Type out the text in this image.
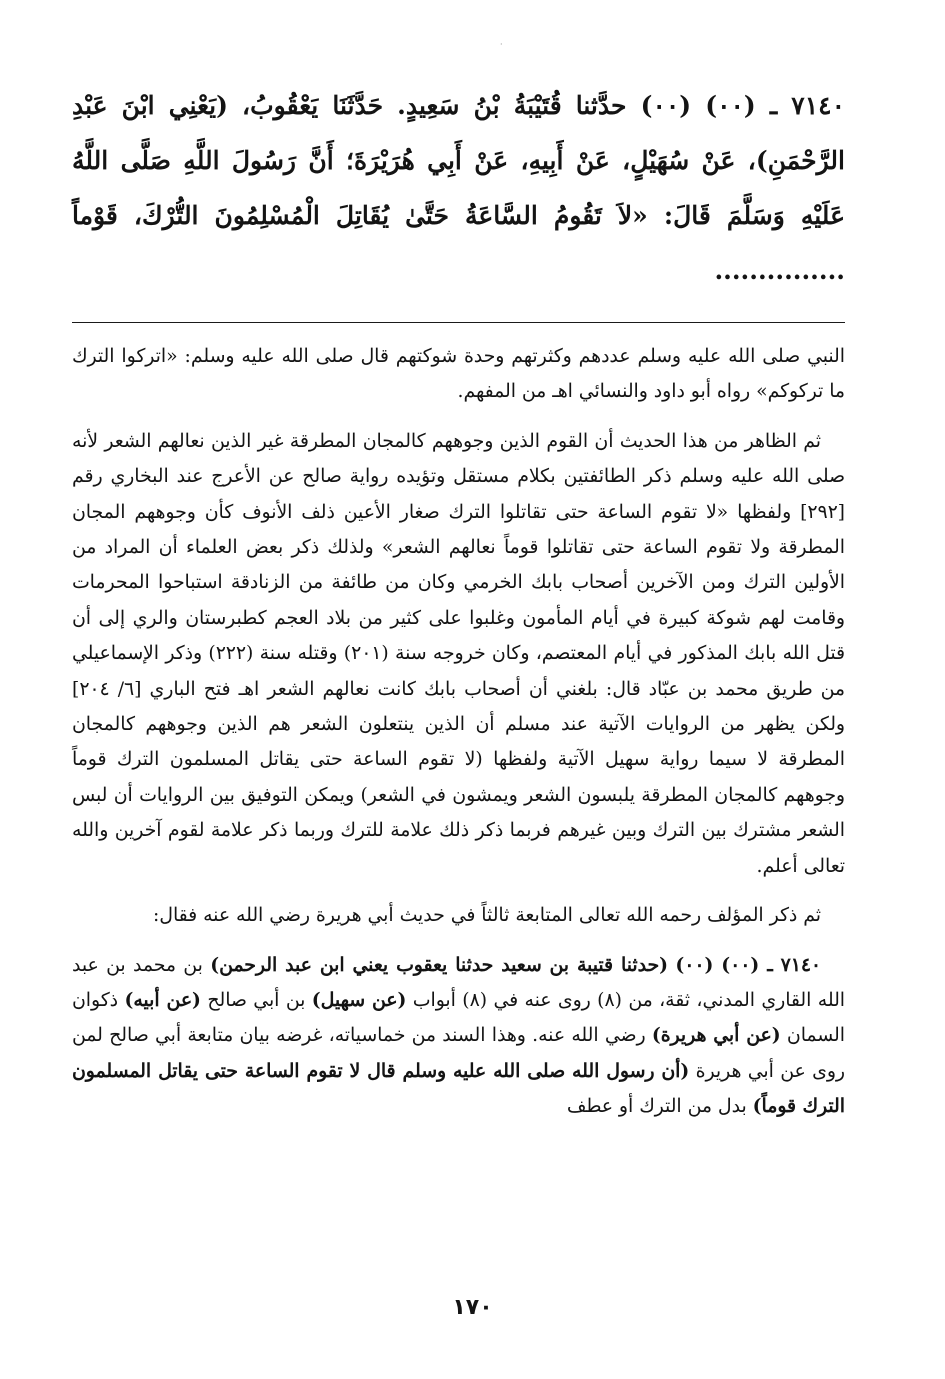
·

٧١٤٠ ـ (٠٠) (٠٠) حدَّثنا قُتَيْبَةُ بْنُ سَعِيدٍ. حَدَّثَنَا يَعْقُوبُ، (يَعْنِي ابْنَ عَبْدِ الرَّحْمَنِ)، عَنْ سُهَيْلٍ، عَنْ أَبِيهِ، عَنْ أَبِي هُرَيْرَةَ؛ أَنَّ رَسُولَ اللَّهِ صَلَّى اللَّهُ عَلَيْهِ وَسَلَّمَ قَالَ: «لاَ تَقُومُ السَّاعَةُ حَتَّىٰ يُقَاتِلَ الْمُسْلِمُونَ التُّرْكَ، قَوْماً ...............

النبي صلى الله عليه وسلم عددهم وكثرتهم وحدة شوكتهم قال صلى الله عليه وسلم: «اتركوا الترك ما تركوكم» رواه أبو داود والنسائي اهـ من المفهم.

ثم الظاهر من هذا الحديث أن القوم الذين وجوههم كالمجان المطرقة غير الذين نعالهم الشعر لأنه صلى الله عليه وسلم ذكر الطائفتين بكلام مستقل وتؤيده رواية صالح عن الأعرج عند البخاري رقم [٢٩٢] ولفظها «لا تقوم الساعة حتى تقاتلوا الترك صغار الأعين ذلف الأنوف كأن وجوههم المجان المطرقة ولا تقوم الساعة حتى تقاتلوا قوماً نعالهم الشعر» ولذلك ذكر بعض العلماء أن المراد من الأولين الترك ومن الآخرين أصحاب بابك الخرمي وكان من طائفة من الزنادقة استباحوا المحرمات وقامت لهم شوكة كبيرة في أيام المأمون وغلبوا على كثير من بلاد العجم كطبرستان والري إلى أن قتل الله بابك المذكور في أيام المعتصم، وكان خروجه سنة (٢٠١) وقتله سنة (٢٢٢) وذكر الإسماعيلي من طريق محمد بن عبّاد قال: بلغني أن أصحاب بابك كانت نعالهم الشعر اهـ فتح الباري [٦/ ٢٠٤] ولكن يظهر من الروايات الآتية عند مسلم أن الذين ينتعلون الشعر هم الذين وجوههم كالمجان المطرقة لا سيما رواية سهيل الآتية ولفظها (لا تقوم الساعة حتى يقاتل المسلمون الترك قوماً وجوههم كالمجان المطرقة يلبسون الشعر ويمشون في الشعر) ويمكن التوفيق بين الروايات أن لبس الشعر مشترك بين الترك وبين غيرهم فربما ذكر ذلك علامة للترك وربما ذكر علامة لقوم آخرين والله تعالى أعلم.

ثم ذكر المؤلف رحمه الله تعالى المتابعة ثالثاً في حديث أبي هريرة رضي الله عنه فقال:

٧١٤٠ ـ (٠٠) (٠٠) (حدثنا قتيبة بن سعيد حدثنا يعقوب يعني ابن عبد الرحمن) بن محمد بن عبد الله القاري المدني، ثقة، من (٨) روى عنه في (٨) أبواب (عن سهيل) بن أبي صالح (عن أبيه) ذكوان السمان (عن أبي هريرة) رضي الله عنه. وهذا السند من خماسياته، غرضه بيان متابعة أبي صالح لمن روى عن أبي هريرة (أن رسول الله صلى الله عليه وسلم قال لا تقوم الساعة حتى يقاتل المسلمون الترك قوماً) بدل من الترك أو عطف

١٧٠
